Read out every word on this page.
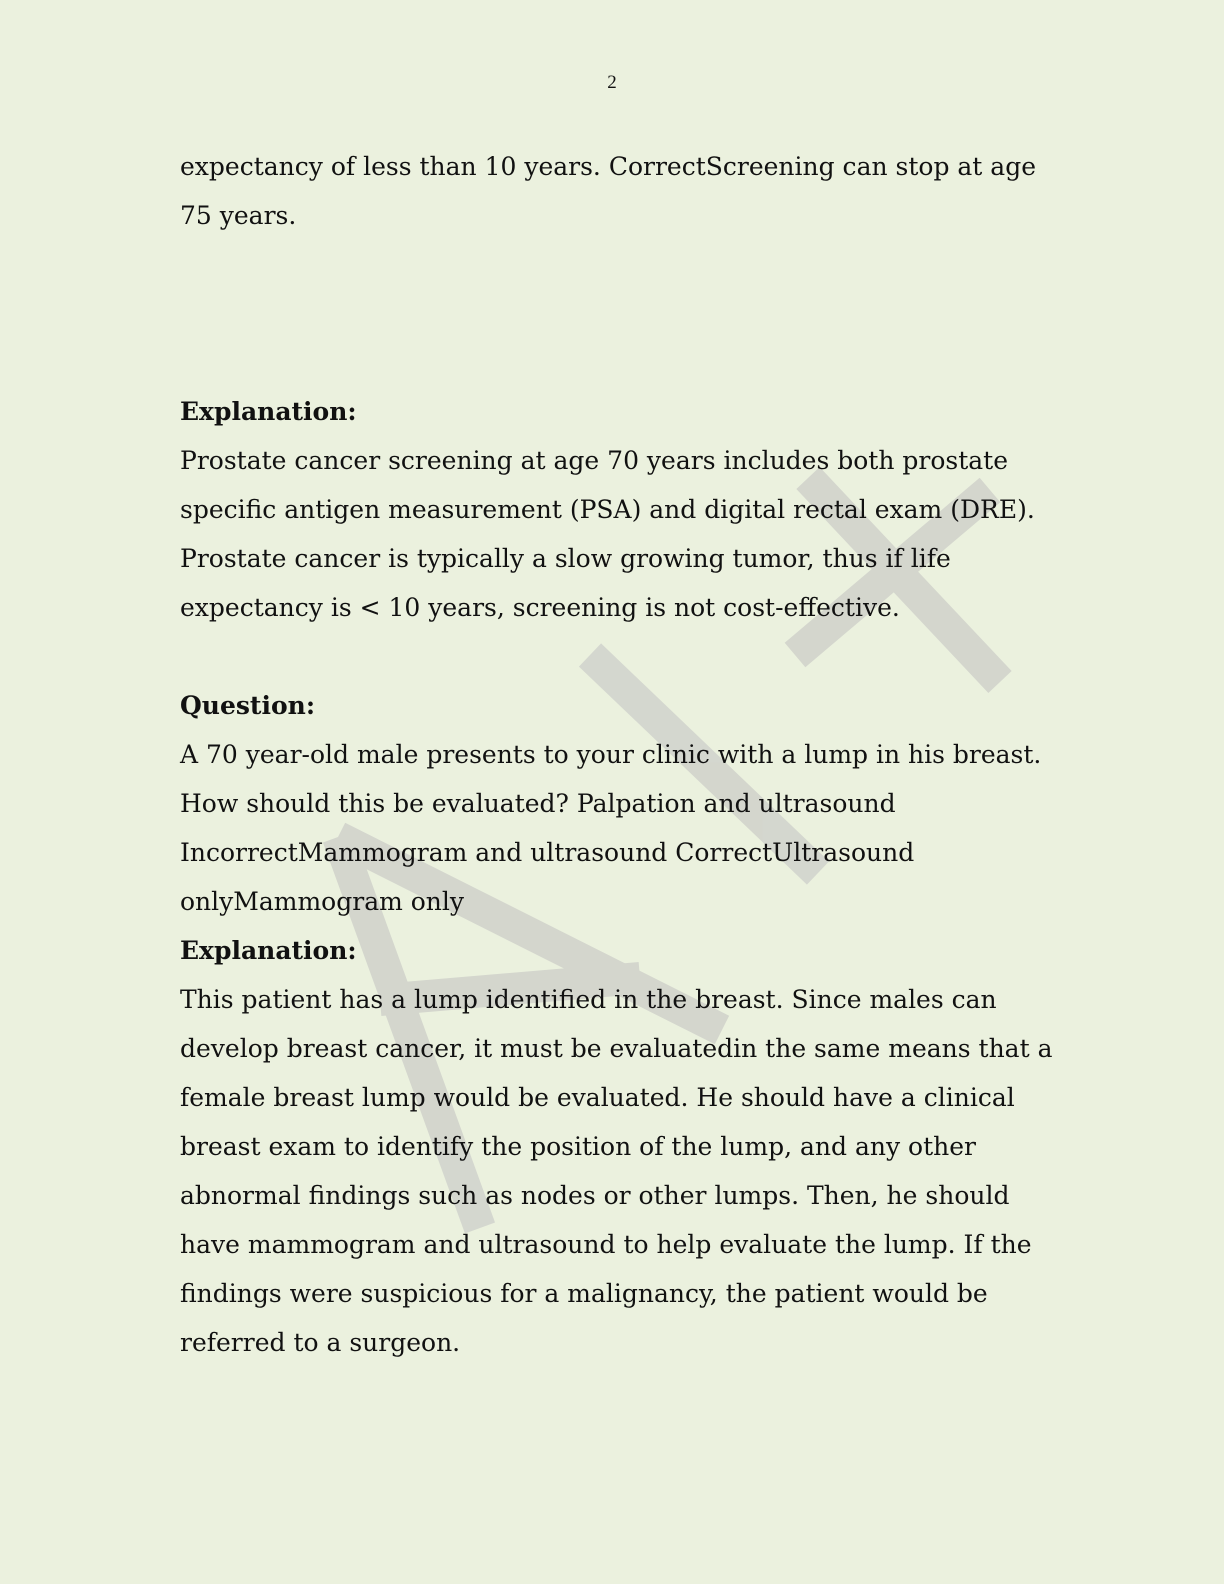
2

expectancy of less than 10 years. CorrectScreening can stop at age 75 years.

Explanation:

Prostate cancer screening at age 70 years includes both prostate specific antigen measurement (PSA) and digital rectal exam (DRE). Prostate cancer is typically a slow growing tumor, thus if life expectancy is < 10 years, screening is not cost-effective.

Question:

A 70 year-old male presents to your clinic with a lump in his breast. How should this be evaluated? Palpation and ultrasound IncorrectMammogram and ultrasound CorrectUltrasound onlyMammogram only

Explanation:

This patient has a lump identified in the breast. Since males can develop breast cancer, it must be evaluatedin the same means that a female breast lump would be evaluated. He should have a clinical breast exam to identify the position of the lump, and any other abnormal findings such as nodes or other lumps. Then, he should have mammogram and ultrasound to help evaluate the lump. If the findings were suspicious for a malignancy, the patient would be referred to a surgeon.
